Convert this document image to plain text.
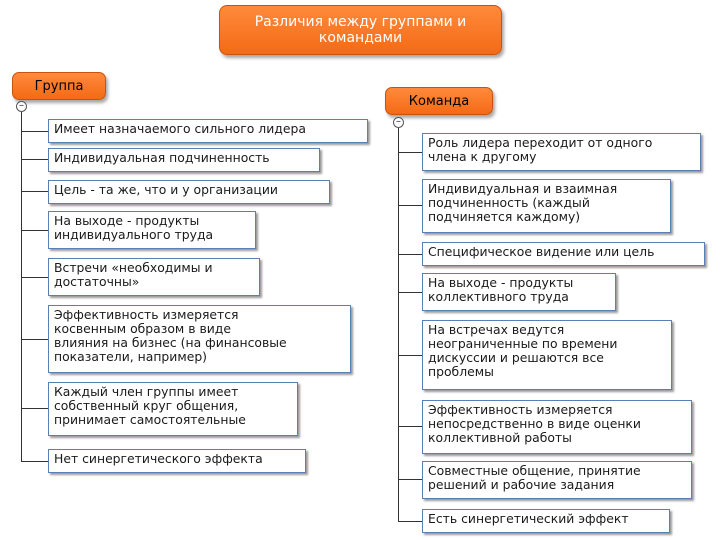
Различия между группами и командами
Группа
–
Имеет назначаемого сильного лидера
Индивидуальная подчиненность
Цель - та же, что и у организации
На выходе - продукты
индивидуального труда
Встречи «необходимы и
достаточны»
Эффективность измеряется
косвенным образом в виде
влияния на бизнес (на финансовые
показатели, например)
Каждый член группы имеет
собственный круг общения,
принимает самостоятельные
Нет синергетического эффекта
Команда
–
Роль лидера переходит от одного
члена к другому
Индивидуальная и взаимная
подчиненность (каждый
подчиняется каждому)
Специфическое видение или цель
На выходе - продукты
коллективного труда
На встречах ведутся
неограниченные по времени
дискуссии и решаются все
проблемы
Эффективность измеряется
непосредственно в виде оценки
коллективной работы
Совместные общение, принятие
решений и рабочие задания
Есть синергетический эффект
